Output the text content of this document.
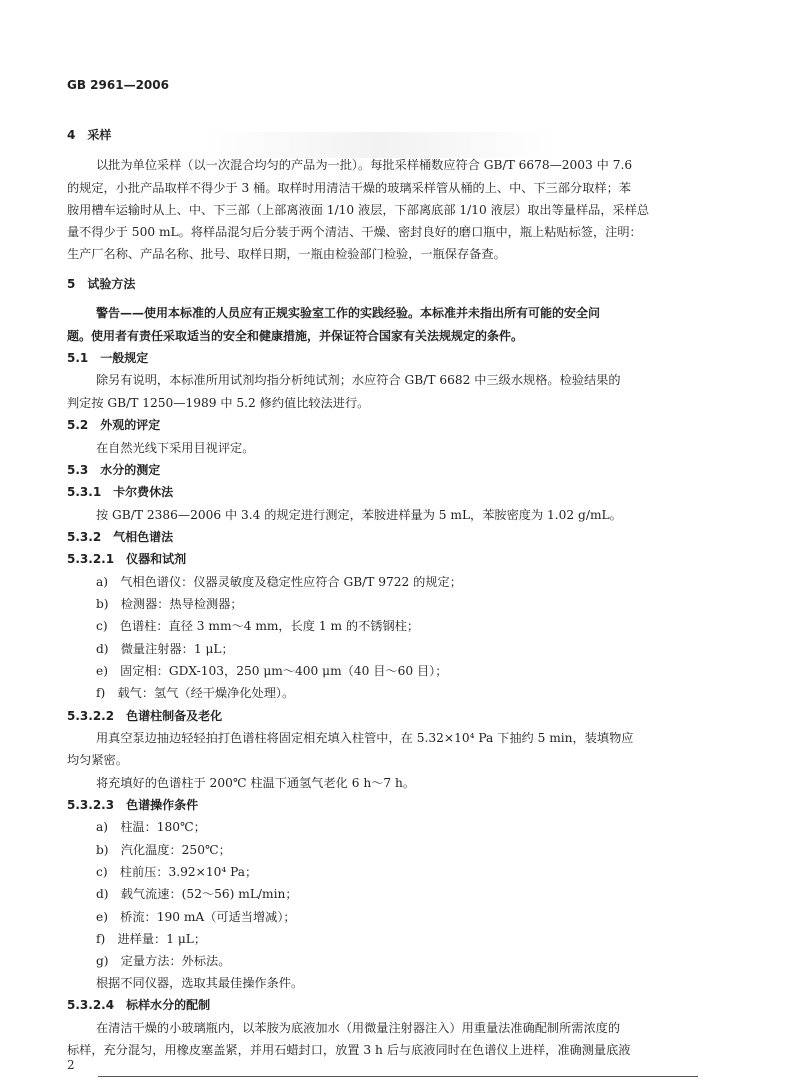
GB 2961—2006
4　采样
以批为单位采样（以一次混合均匀的产品为一批）。每批采样桶数应符合 GB/T 6678—2003 中 7.6
的规定，小批产品取样不得少于 3 桶。取样时用清洁干燥的玻璃采样管从桶的上、中、下三部分取样；苯
胺用槽车运输时从上、中、下三部（上部离液面 1/10 液层，下部离底部 1/10 液层）取出等量样品，采样总
量不得少于 500 mL。将样品混匀后分装于两个清洁、干燥、密封良好的磨口瓶中，瓶上粘贴标签，注明：
生产厂名称、产品名称、批号、取样日期，一瓶由检验部门检验，一瓶保存备查。
5　试验方法
警告——使用本标准的人员应有正规实验室工作的实践经验。本标准并未指出所有可能的安全问
题。使用者有责任采取适当的安全和健康措施，并保证符合国家有关法规规定的条件。
5.1　一般规定
除另有说明，本标准所用试剂均指分析纯试剂；水应符合 GB/T 6682 中三级水规格。检验结果的
判定按 GB/T 1250—1989 中 5.2 修约值比较法进行。
5.2　外观的评定
在自然光线下采用目视评定。
5.3　水分的测定
5.3.1　卡尔费休法
按 GB/T 2386—2006 中 3.4 的规定进行测定，苯胺进样量为 5 mL，苯胺密度为 1.02 g/mL。
5.3.2　气相色谱法
5.3.2.1　仪器和试剂
a)　气相色谱仪：仪器灵敏度及稳定性应符合 GB/T 9722 的规定；
b)　检测器：热导检测器；
c)　色谱柱：直径 3 mm～4 mm，长度 1 m 的不锈钢柱；
d)　微量注射器：1 μL；
e)　固定相：GDX-103，250 μm～400 μm（40 目～60 目）；
f)　载气：氢气（经干燥净化处理）。
5.3.2.2　色谱柱制备及老化
用真空泵边抽边轻轻拍打色谱柱将固定相充填入柱管中，在 5.32×10⁴ Pa 下抽约 5 min，装填物应
均匀紧密。
将充填好的色谱柱于 200℃ 柱温下通氢气老化 6 h～7 h。
5.3.2.3　色谱操作条件
a)　柱温：180℃；
b)　汽化温度：250℃；
c)　柱前压：3.92×10⁴ Pa；
d)　载气流速：(52～56) mL/min；
e)　桥流：190 mA（可适当增减）；
f)　进样量：1 μL；
g)　定量方法：外标法。
根据不同仪器，选取其最佳操作条件。
5.3.2.4　标样水分的配制
在清洁干燥的小玻璃瓶内，以苯胺为底液加水（用微量注射器注入）用重量法准确配制所需浓度的
标样，充分混匀，用橡皮塞盖紧，并用石蜡封口，放置 3 h 后与底液同时在色谱仪上进样，准确测量底液
2
